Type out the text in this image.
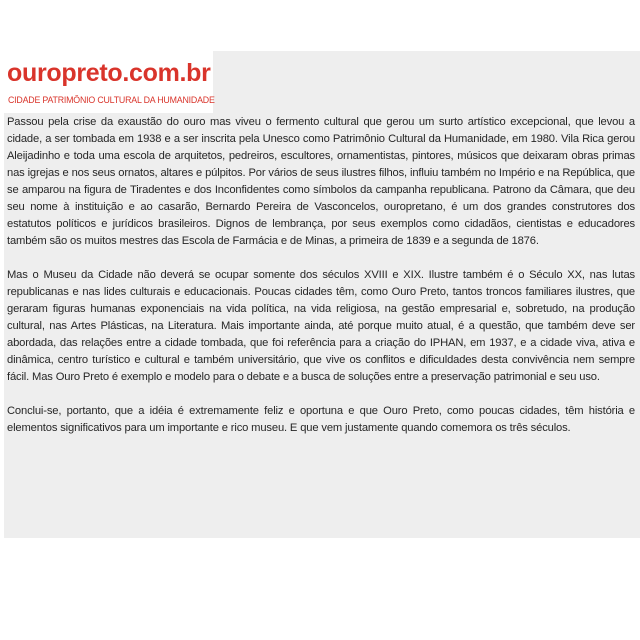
ouropreto.com.br
CIDADE PATRIMÔNIO CULTURAL DA HUMANIDADE

Passou pela crise da exaustão do ouro mas viveu o fermento cultural que gerou um surto artístico excepcional, que levou a cidade, a ser tombada em 1938 e a ser inscrita pela Unesco como Patrimônio Cultural da Humanidade, em 1980. Vila Rica gerou Aleijadinho e toda uma escola de arquitetos, pedreiros, escultores, ornamentistas, pintores, músicos que deixaram obras primas nas igrejas e nos seus ornatos, altares e púlpitos. Por vários de seus ilustres filhos, influiu também no Império e na República, que se amparou na figura de Tiradentes e dos Inconfidentes como símbolos da campanha republicana. Patrono da Câmara, que deu seu nome à instituição e ao casarão, Bernardo Pereira de Vasconcelos, ouropretano, é um dos grandes construtores dos estatutos políticos e jurídicos brasileiros. Dignos de lembrança, por seus exemplos como cidadãos, cientistas e educadores também são os muitos mestres das Escola de Farmácia e de Minas, a primeira de 1839 e a segunda de 1876.

Mas o Museu da Cidade não deverá se ocupar somente dos séculos XVIII e XIX. Ilustre também é o Século XX, nas lutas republicanas e nas lides culturais e educacionais. Poucas cidades têm, como Ouro Preto, tantos troncos familiares ilustres, que geraram figuras humanas exponenciais na vida política, na vida religiosa, na gestão empresarial e, sobretudo, na produção cultural, nas Artes Plásticas, na Literatura. Mais importante ainda, até porque muito atual, é a questão, que também deve ser abordada, das relações entre a cidade tombada, que foi referência para a criação do IPHAN, em 1937, e a cidade viva, ativa e dinâmica, centro turístico e cultural e também universitário, que vive os conflitos e dificuldades desta convivência nem sempre fácil. Mas Ouro Preto é exemplo e modelo para o debate e a busca de soluções entre a preservação patrimonial e seu uso.

Conclui-se, portanto, que a idéia é extremamente feliz e oportuna e que Ouro Preto, como poucas cidades, têm história e elementos significativos para um importante e rico museu. E que vem justamente quando comemora os três séculos.
